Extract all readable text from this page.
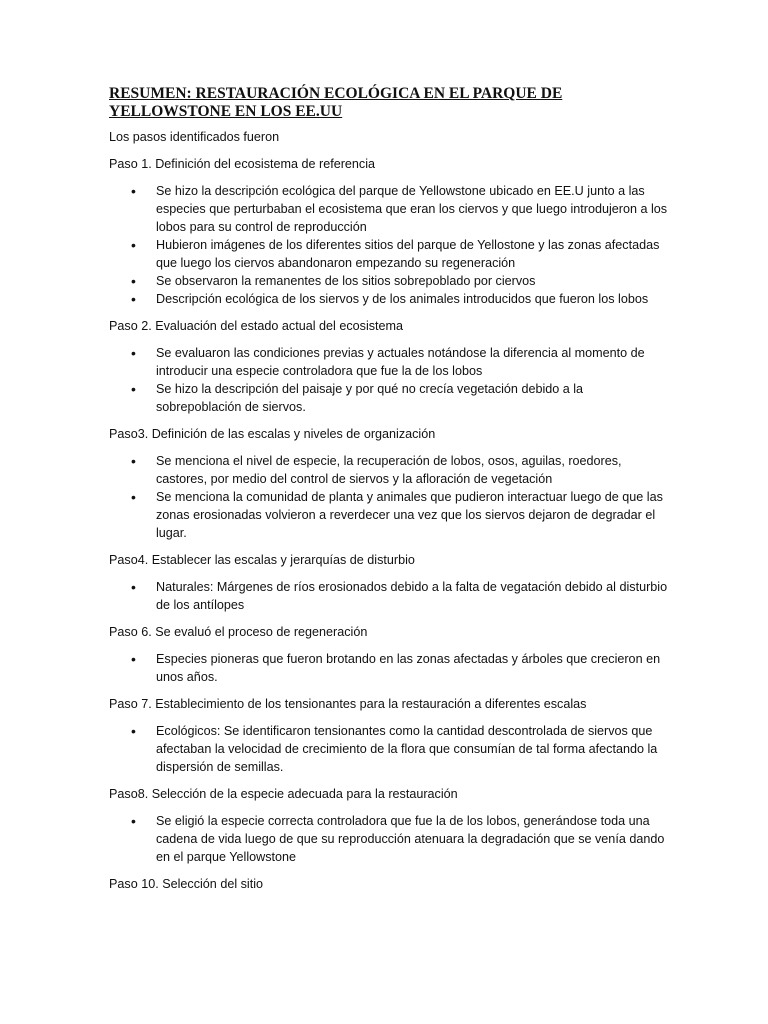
RESUMEN: RESTAURACIÓN ECOLÓGICA EN EL PARQUE DE YELLOWSTONE EN LOS EE.UU

Los pasos identificados fueron

Paso 1. Definición del ecosistema de referencia

• Se hizo la descripción ecológica del parque de Yellowstone ubicado en EE.U junto a las especies que perturbaban el ecosistema que eran los ciervos y que luego introdujeron a los lobos para su control de reproducción
• Hubieron imágenes de los diferentes sitios del parque de Yellostone y las zonas afectadas que luego los ciervos abandonaron empezando su regeneración
• Se observaron la remanentes de los sitios sobrepoblado por ciervos
• Descripción ecológica de los siervos y de los animales introducidos que fueron los lobos

Paso 2. Evaluación del estado actual del ecosistema

• Se evaluaron las condiciones previas y actuales notándose la diferencia al momento de introducir una especie controladora que fue la de los lobos
• Se hizo la descripción del paisaje y por qué no crecía vegetación debido a la sobrepoblación de siervos.

Paso3. Definición de las escalas y niveles de organización

• Se menciona el nivel de especie, la recuperación de lobos, osos, aguilas, roedores, castores, por medio del control de siervos y la afloración de vegetación
• Se menciona la comunidad de planta y animales que pudieron interactuar luego de que las zonas erosionadas volvieron a reverdecer una vez que los siervos dejaron de degradar el lugar.

Paso4. Establecer las escalas y jerarquías de disturbio

• Naturales: Márgenes de ríos erosionados debido a la falta de vegatación debido al disturbio de los antílopes

Paso 6. Se evaluó el proceso de regeneración

• Especies pioneras que fueron brotando en las zonas afectadas y árboles que crecieron en unos años.

Paso 7. Establecimiento de los tensionantes para la restauración a diferentes escalas

• Ecológicos: Se identificaron tensionantes como la cantidad descontrolada de siervos que afectaban la velocidad de crecimiento de la flora que consumían de tal forma afectando la dispersión de semillas.

Paso8. Selección de la especie adecuada para la restauración

• Se eligió la especie correcta controladora que fue la de los lobos, generándose toda una cadena de vida luego de que su reproducción atenuara la degradación que se venía dando en el parque Yellowstone

Paso 10. Selección del sitio
